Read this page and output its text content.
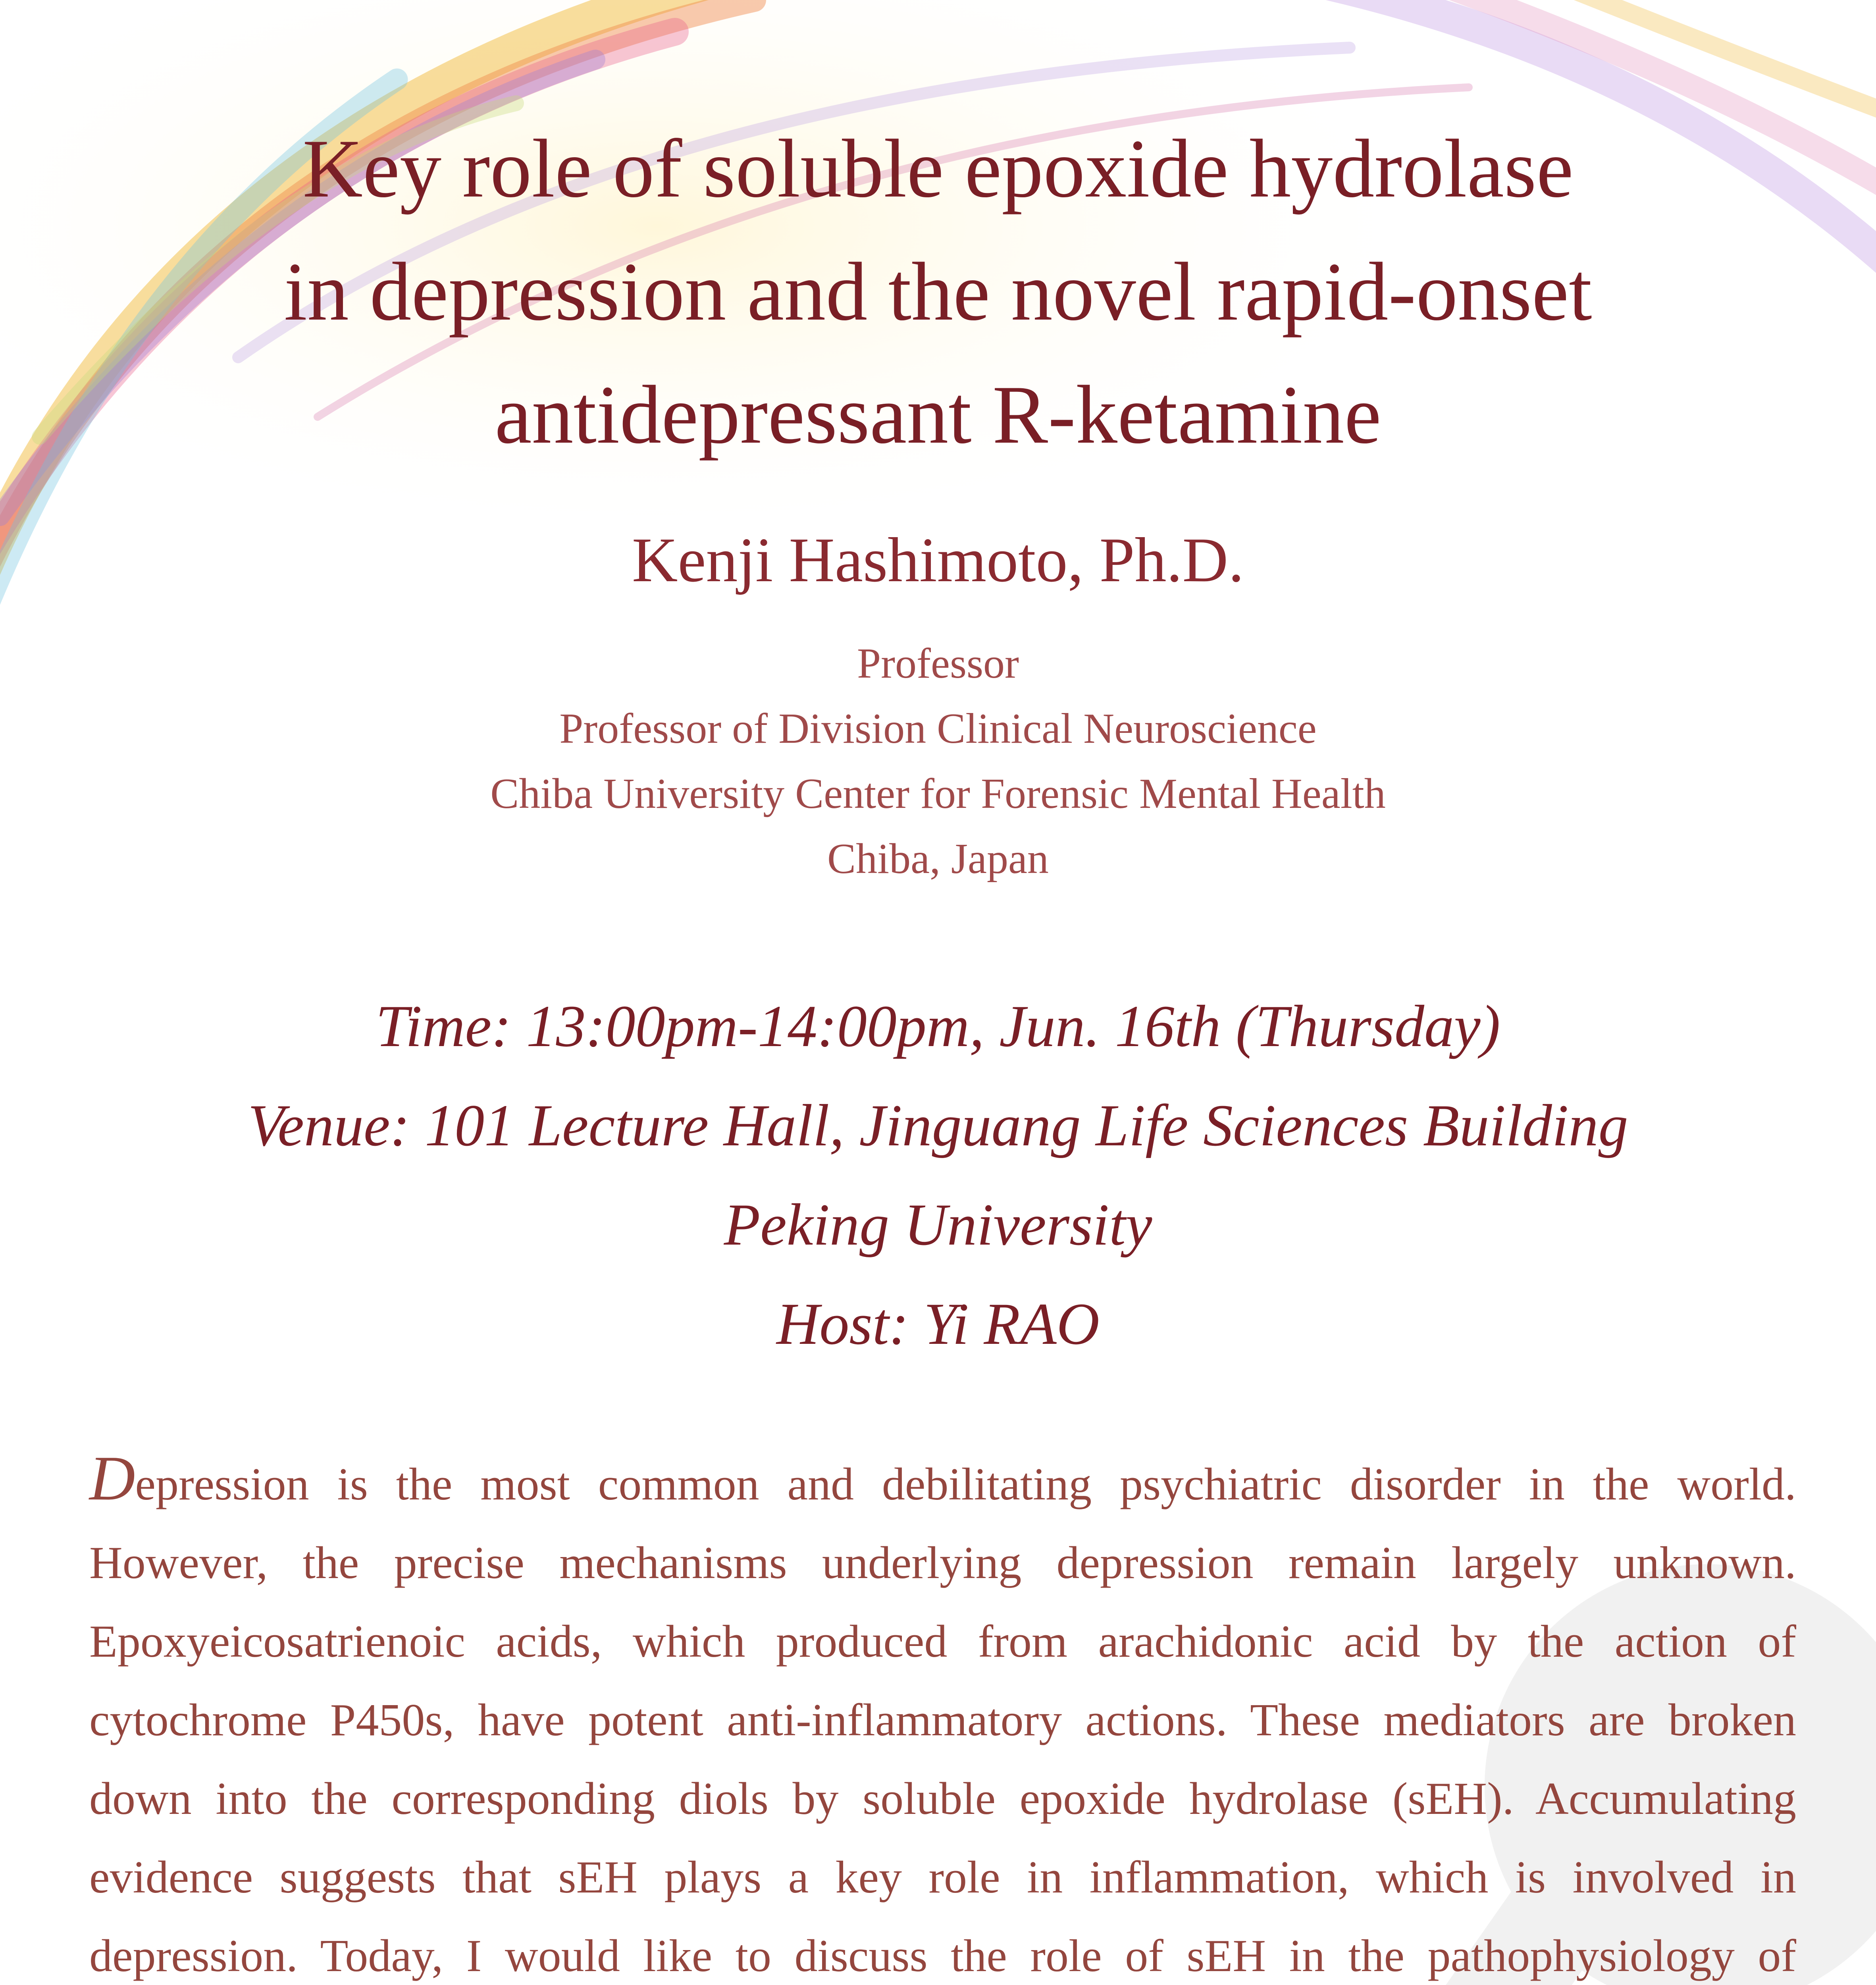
Key role of soluble epoxide hydrolase
in depression and the novel rapid-onset
antidepressant R-ketamine
Kenji Hashimoto, Ph.D.
Professor
Professor of Division Clinical Neuroscience
Chiba University Center for Forensic Mental Health
Chiba, Japan
Time: 13:00pm-14:00pm, Jun. 16th (Thursday)
Venue: 101 Lecture Hall, Jinguang Life Sciences Building
Peking University
Host: Yi RAO

Depression is the most common and debilitating psychiatric disorder in the world. However, the precise mechanisms underlying depression remain largely unknown. Epoxyeicosatrienoic acids, which produced from arachidonic acid by the action of cytochrome P450s, have potent anti-inflammatory actions. These mediators are broken down into the corresponding diols by soluble epoxide hydrolase (sEH). Accumulating evidence suggests that sEH plays a key role in inflammation, which is involved in depression. Today, I would like to discuss the role of sEH in the pathophysiology of
